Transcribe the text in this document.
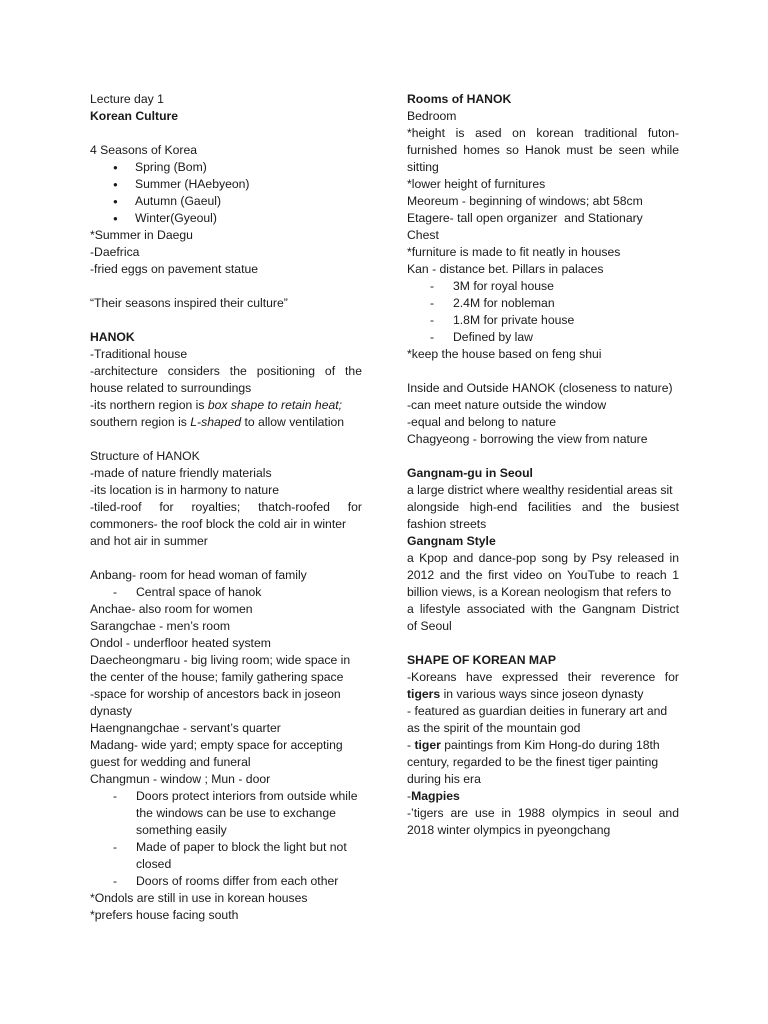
Lecture day 1
Korean Culture
4 Seasons of Korea
● Spring (Bom)
● Summer (HAebyeon)
● Autumn (Gaeul)
● Winter(Gyeoul)
*Summer in Daegu
-Daefrica
-fried eggs on pavement statue
“Their seasons inspired their culture”
HANOK
-Traditional house
-architecture considers the positioning of the
house related to surroundings
-its northern region is box shape to retain heat;
southern region is L-shaped to allow ventilation
Structure of HANOK
-made of nature friendly materials
-its location is in harmony to nature
-tiled-roof for royalties; thatch-roofed for
commoners- the roof block the cold air in winter
and hot air in summer
Anbang- room for head woman of family
- Central space of hanok
Anchae- also room for women
Sarangchae - men’s room
Ondol - underfloor heated system
Daecheongmaru - big living room; wide space in
the center of the house; family gathering space
-space for worship of ancestors back in joseon
dynasty
Haengnangchae - servant’s quarter
Madang- wide yard; empty space for accepting
guest for wedding and funeral
Changmun - window ; Mun - door
- Doors protect interiors from outside while
the windows can be use to exchange
something easily
- Made of paper to block the light but not
closed
- Doors of rooms differ from each other
*Ondols are still in use in korean houses
*prefers house facing south
Rooms of HANOK
Bedroom
*height is ased on korean traditional futon-
furnished homes so Hanok must be seen while
sitting
*lower height of furnitures
Meoreum - beginning of windows; abt 58cm
Etagere- tall open organizer  and Stationary
Chest
*furniture is made to fit neatly in houses
Kan - distance bet. Pillars in palaces
- 3M for royal house
- 2.4M for nobleman
- 1.8M for private house
- Defined by law
*keep the house based on feng shui
Inside and Outside HANOK (closeness to nature)
-can meet nature outside the window
-equal and belong to nature
Chagyeong - borrowing the view from nature
Gangnam-gu in Seoul
a large district where wealthy residential areas sit
alongside high-end facilities and the busiest
fashion streets
Gangnam Style
a Kpop and dance-pop song by Psy released in
2012 and the first video on YouTube to reach 1
billion views, is a Korean neologism that refers to
a lifestyle associated with the Gangnam District
of Seoul
SHAPE OF KOREAN MAP
-Koreans have expressed their reverence for
tigers in various ways since joseon dynasty
- featured as guardian deities in funerary art and
as the spirit of the mountain god
- tiger paintings from Kim Hong-do during 18th
century, regarded to be the finest tiger painting
during his era
-Magpies
-’tigers are use in 1988 olympics in seoul and
2018 winter olympics in pyeongchang
